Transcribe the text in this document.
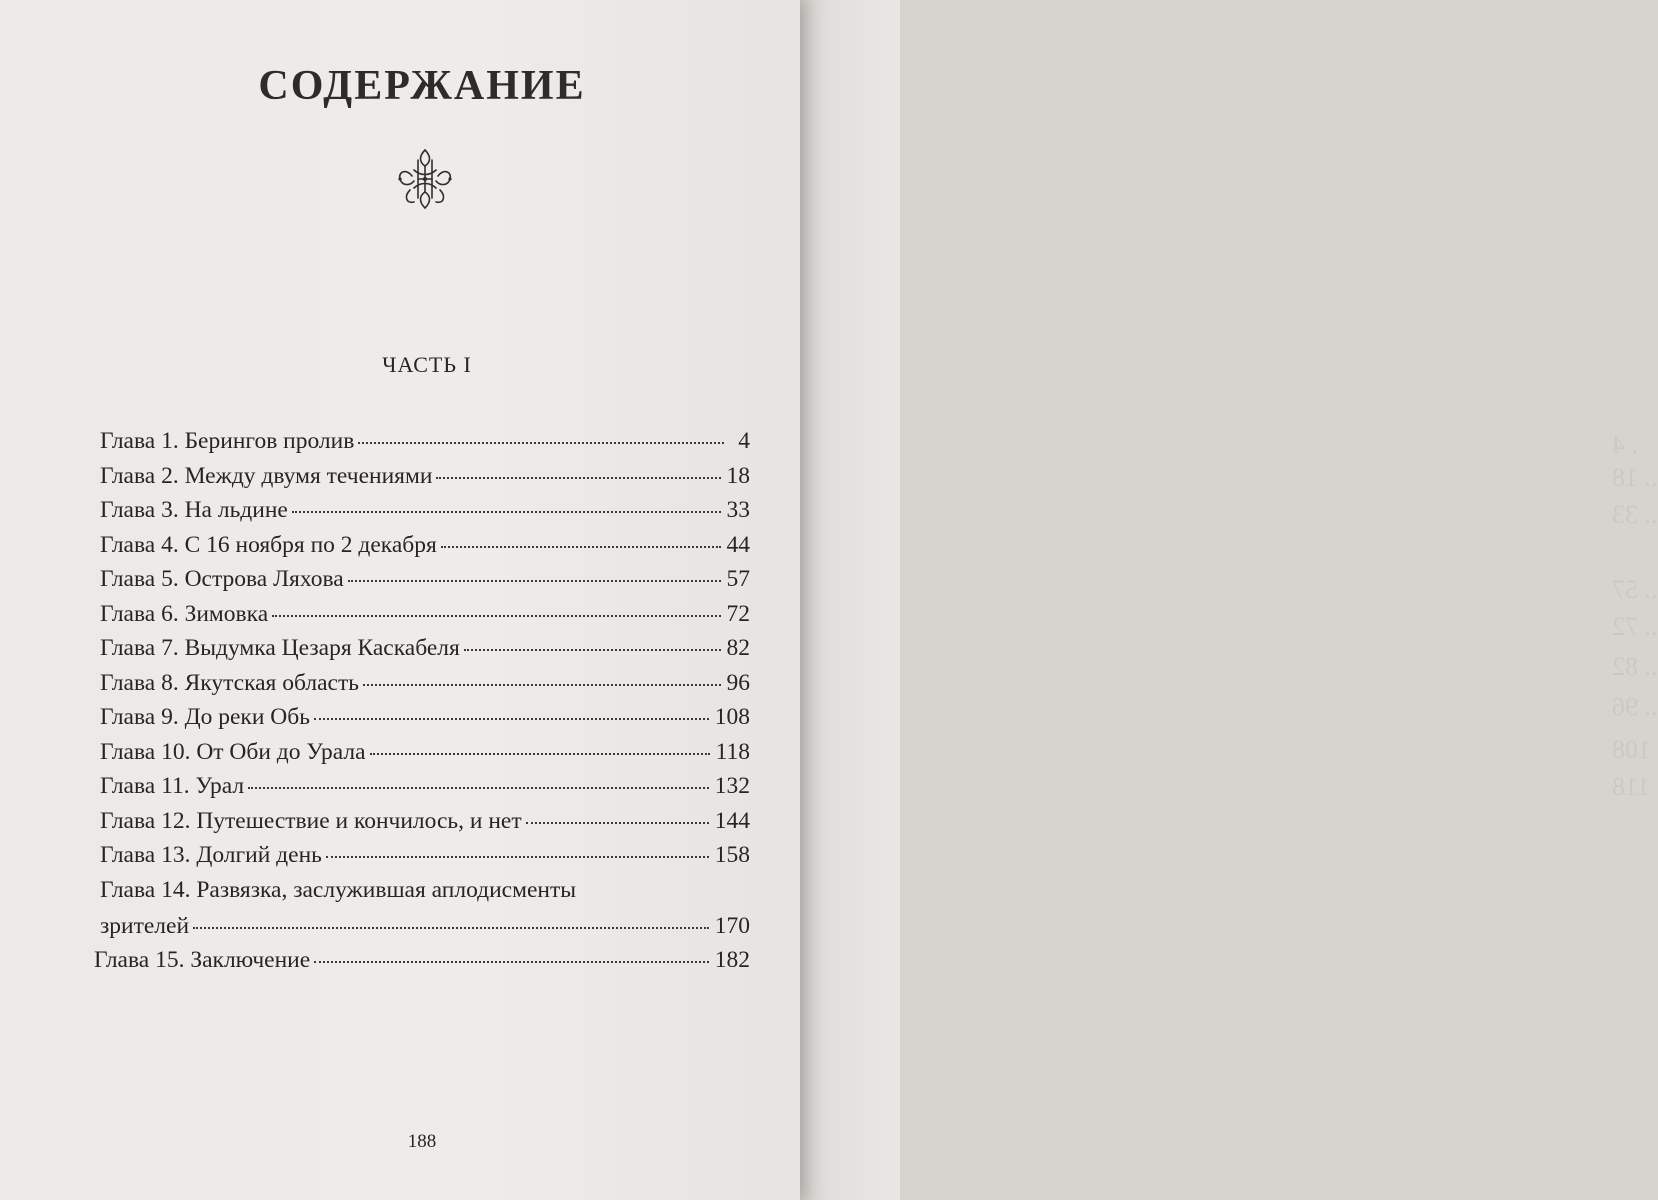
. 4
.. 18
.. 33
.. 57
.. 72
.. 82
.. 96
108
118
СОДЕРЖАНИЕ
ЧАСТЬ I
Глава 1. Берингов пролив	4
Глава 2. Между двумя течениями	18
Глава 3. На льдине	33
Глава 4. С 16 ноября по 2 декабря	44
Глава 5. Острова Ляхова	57
Глава 6. Зимовка	72
Глава 7. Выдумка Цезаря Каскабеля	82
Глава 8. Якутская область	96
Глава 9. До реки Обь	108
Глава 10. От Оби до Урала	118
Глава 11. Урал	132
Глава 12. Путешествие и кончилось, и нет	144
Глава 13. Долгий день	158
Глава 14. Развязка, заслужившая аплодисменты
зрителей	170
Глава 15. Заключение	182
188
